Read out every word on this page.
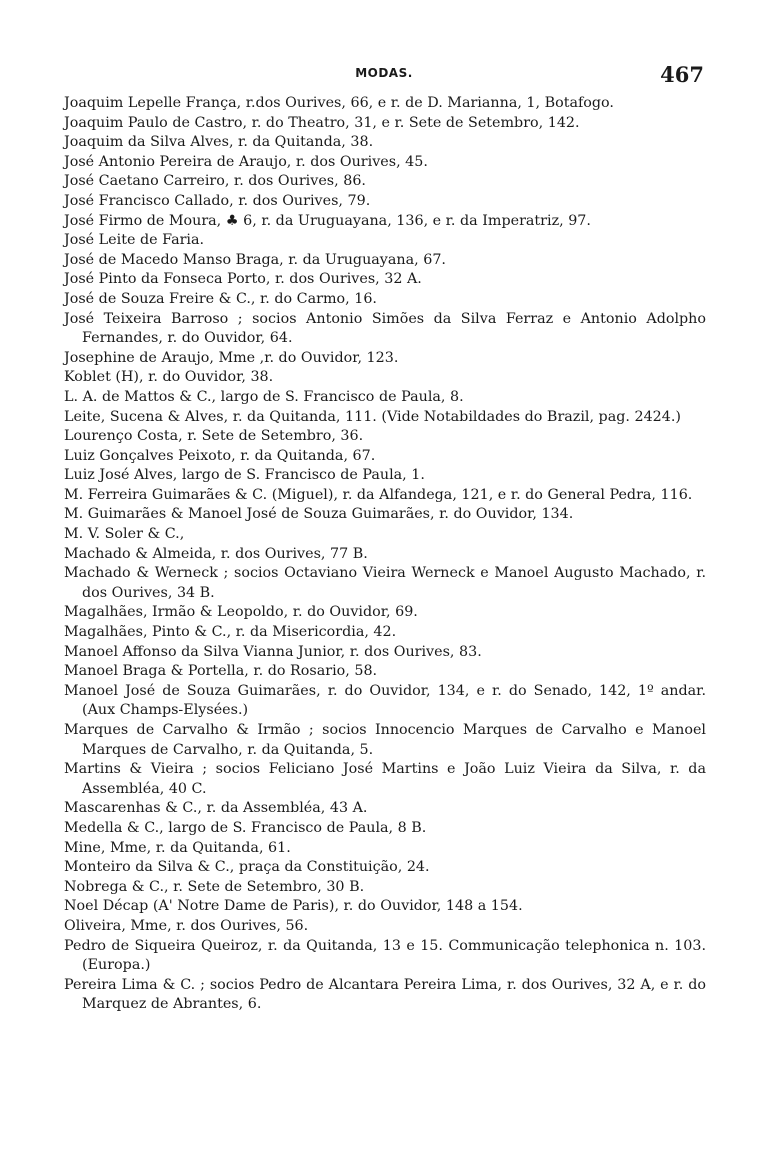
MODAS.	467

Joaquim Lepelle França, r.dos Ourives, 66, e r. de D. Marianna, 1, Botafogo.

Joaquim Paulo de Castro, r. do Theatro, 31, e r. Sete de Setembro, 142.

Joaquim da Silva Alves, r. da Quitanda, 38.

José Antonio Pereira de Araujo, r. dos Ourives, 45.

José Caetano Carreiro, r. dos Ourives, 86.

José Francisco Callado, r. dos Ourives, 79.

José Firmo de Moura, ♣ 6, r. da Uruguayana, 136, e r. da Imperatriz, 97.

José Leite de Faria.

José de Macedo Manso Braga, r. da Uruguayana, 67.

José Pinto da Fonseca Porto, r. dos Ourives, 32 A.

José de Souza Freire & C., r. do Carmo, 16.

José Teixeira Barroso ; socios Antonio Simões da Silva Ferraz e Antonio Adolpho Fernandes, r. do Ouvidor, 64.

Josephine de Araujo, Mme ,r. do Ouvidor, 123.

Koblet (H), r. do Ouvidor, 38.

L. A. de Mattos & C., largo de S. Francisco de Paula, 8.

Leite, Sucena & Alves, r. da Quitanda, 111. (Vide Notabildades do Brazil, pag. 2424.)

Lourenço Costa, r. Sete de Setembro, 36.

Luiz Gonçalves Peixoto, r. da Quitanda, 67.

Luiz José Alves, largo de S. Francisco de Paula, 1.

M. Ferreira Guimarães & C. (Miguel), r. da Alfandega, 121, e r. do General Pedra, 116.

M. Guimarães & Manoel José de Souza Guimarães, r. do Ouvidor, 134.

M. V. Soler & C.,

Machado & Almeida, r. dos Ourives, 77 B.

Machado & Werneck ; socios Octaviano Vieira Werneck e Manoel Augusto Machado, r. dos Ourives, 34 B.

Magalhães, Irmão & Leopoldo, r. do Ouvidor, 69.

Magalhães, Pinto & C., r. da Misericordia, 42.

Manoel Affonso da Silva Vianna Junior, r. dos Ourives, 83.

Manoel Braga & Portella, r. do Rosario, 58.

Manoel José de Souza Guimarães, r. do Ouvidor, 134, e r. do Senado, 142, 1º andar. (Aux Champs-Elysées.)

Marques de Carvalho & Irmão ; socios Innocencio Marques de Carvalho e Manoel Marques de Carvalho, r. da Quitanda, 5.

Martins & Vieira ; socios Feliciano José Martins e João Luiz Vieira da Silva, r. da Assembléa, 40 C.

Mascarenhas & C., r. da Assembléa, 43 A.

Medella & C., largo de S. Francisco de Paula, 8 B.

Mine, Mme, r. da Quitanda, 61.

Monteiro da Silva & C., praça da Constituição, 24.

Nobrega & C., r. Sete de Setembro, 30 B.

Noel Décap (A' Notre Dame de Paris), r. do Ouvidor, 148 a 154.

Oliveira, Mme, r. dos Ourives, 56.

Pedro de Siqueira Queiroz, r. da Quitanda, 13 e 15. Communicação telephonica n. 103. (Europa.)

Pereira Lima & C. ; socios Pedro de Alcantara Pereira Lima, r. dos Ourives, 32 A, e r. do Marquez de Abrantes, 6.
